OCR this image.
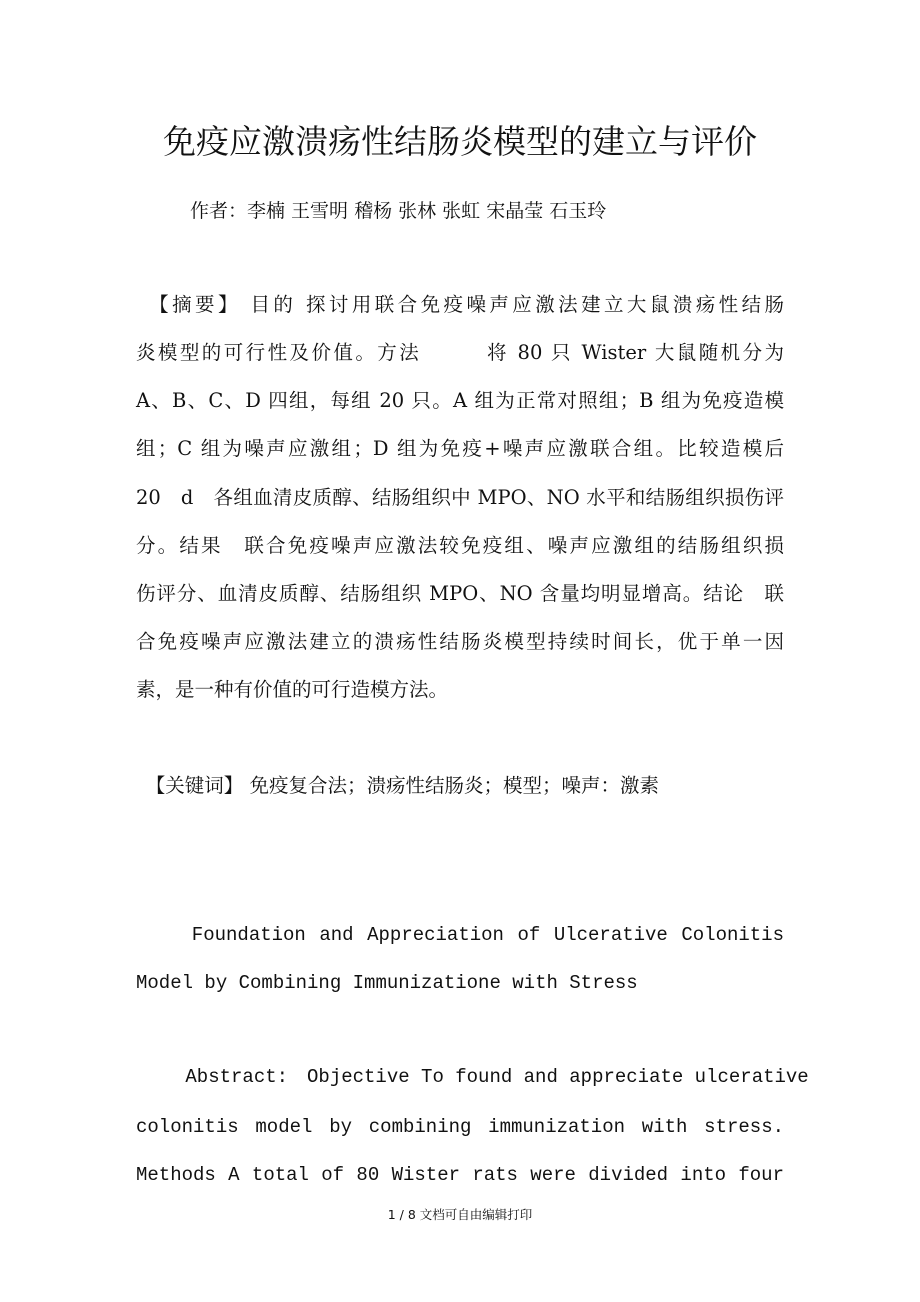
免疫应激溃疡性结肠炎模型的建立与评价
作者：李楠 王雪明 稽杨 张林 张虹 宋晶莹 石玉玲
　【摘要】 目的 探讨用联合免疫噪声应激法建立大鼠溃疡性结肠
炎模型的可行性及价值。方法　　　将 80 只 Wister 大鼠随机分为
A、B、C、D 四组，每组 20 只。A 组为正常对照组；B 组为免疫造模
组；C 组为噪声应激组；D 组为免疫+噪声应激联合组。比较造模后
20　d　各组血清皮质醇、结肠组织中 MPO、NO 水平和结肠组织损伤评
分。结果　联合免疫噪声应激法较免疫组、噪声应激组的结肠组织损
伤评分、血清皮质醇、结肠组织 MPO、NO 含量均明显增高。结论　联
合免疫噪声应激法建立的溃疡性结肠炎模型持续时间长，优于单一因
素，是一种有价值的可行造模方法。
　【关键词】 免疫复合法；溃疡性结肠炎；模型；噪声：激素
　　 Foundation and Appreciation of Ulcerative Colonitis
Model by Combining Immunizatione with Stress
　　 Abstract:　Objective To found and appreciate ulcerative
colonitis model by combining immunization with stress.
Methods A total of 80 Wister rats were divided into four
1 / 8 文档可自由编辑打印
